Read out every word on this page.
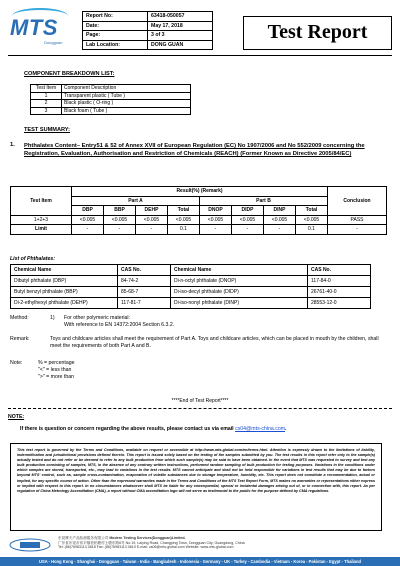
MTS
Dongguan
Report No:	63418-050057
Date:	May 17, 2018
Page:	3 of 3
Lab Location:	DONG GUAN
Test Report
COMPONENT BREAKDOWN LIST:
Test Item	Component Description
1	Transparent plastic ( Tube )
2	Black plastic ( O-ring )
3	Black foam ( Tube )
TEST SUMMARY:
1. Phthalates Content– Entry51 & 52 of Annex XVII of European Regulation (EC) No 1907/2006 and No 552/2009 concerning the Registration, Evaluation, Authorisation and Restriction of Chemicals (REACH) (Former Known as Directive 2005/84/EC)
Test Item	Result(%) (Remark)								Conclusion
	Part A				Part B				
	DBP	BBP	DEHP	Total	DNOP	DIDP	DINP	Total	
1+2+3	<0.005	<0.005	<0.005	<0.005	<0.005	<0.005	<0.005	<0.005	PASS
Limit	-	-	-	0.1	-	-	-	0.1	-
List of Phthalates:
Chemical Name	CAS No.	Chemical Name	CAS No.
Dibutyl phthalate (DBP)	84-74-2	Di-n-octyl phthalate (DNOP)	117-84-0
Butyl benzyl phthalate (BBP)	85-68-7	Di-iso-decyl phthalate (DIDP)	26761-40-0
Di-2-ethylhexyl phthalate (DEHP)	117-81-7	Di-iso-nonyl phthalate (DINP)	28553-12-0
Method:	1) For other polymeric material:
With reference to EN 14372:2004 Section 6.3.2.
Remark:	Toys and childcare articles shall meet the requirement of Part A. Toys and childcare articles, which can be placed in mouth by the children, shall meet the requirements of both Part A and B.
Note:	% = percentage
"<" = less than
">" = more than
****End of Test Report****
NOTE:
If there is question or concern regarding the above results, please contact us via email cs04@mts-china.com.
This test report is governed by the Terms and Conditions, available on request or accessible at http://www.mts-global.com/en/terms.html. Attention is expressly drawn to the limitations of liability, indemnification and jurisdictional provisions defined therein. This report is issued solely based on the testing of the samples submitted by you. The test results in this report refer only to the sample(s) actually tested and do not refer or be deemed to refer to any bulk production from which such sample(s) may be said to have been obtained. In the event that MTS was requested to survey and test any bulk production consisting of samples, MTS, in the absence of any contrary written instructions, performed random sampling of bulk production for testing purposes. Variations in the conditions under which samples are stored, transported, etc., may lead to variations in the test results. MTS cannot anticipate and shall not be held responsible for variations in test results that may be due to factors beyond MTS' control, such as, sample cross-contamination, evaporation of volatile substances due to storage temperature, humidity, etc. This report does not constitute a recommendation, actual or implied, for any specific course of action. Other than the expressed warranties made in the Terms and Conditions of the MTS Test Report Form, MTS makes no warranties or representations either express or implied with respect to this report. In no circumstances whatsoever shall MTS be liable for any consequential, special or incidental damages arising out of, or in connection with, this report. As per regulation of China Metrology Accreditation (CMA), a report without CMA accreditation logo will not serve as testimonial to the public for the purpose defined by CMA regulations.
东莞摩天产品检测服务有限公司 Modern Testing Services(Dongguan)Limited.
广东省东莞市常平镇松柏塘村土塘东路6号 No.19, Laiying Road, Changping Town, Dongguan City, Guangdong, China
Tel: (86)76983113 0818 Fax: (86)76983113 0819 E-mail: cs06@mts-global.com Website: www.mts-global.com
USA - Hong Kong - Shanghai - Dongguan - Taiwan - India - Bangladesh - Indonesia - Germany - UK - Turkey - Cambodia - Vietnam - Korea - Pakistan - Egypt - Thailand
